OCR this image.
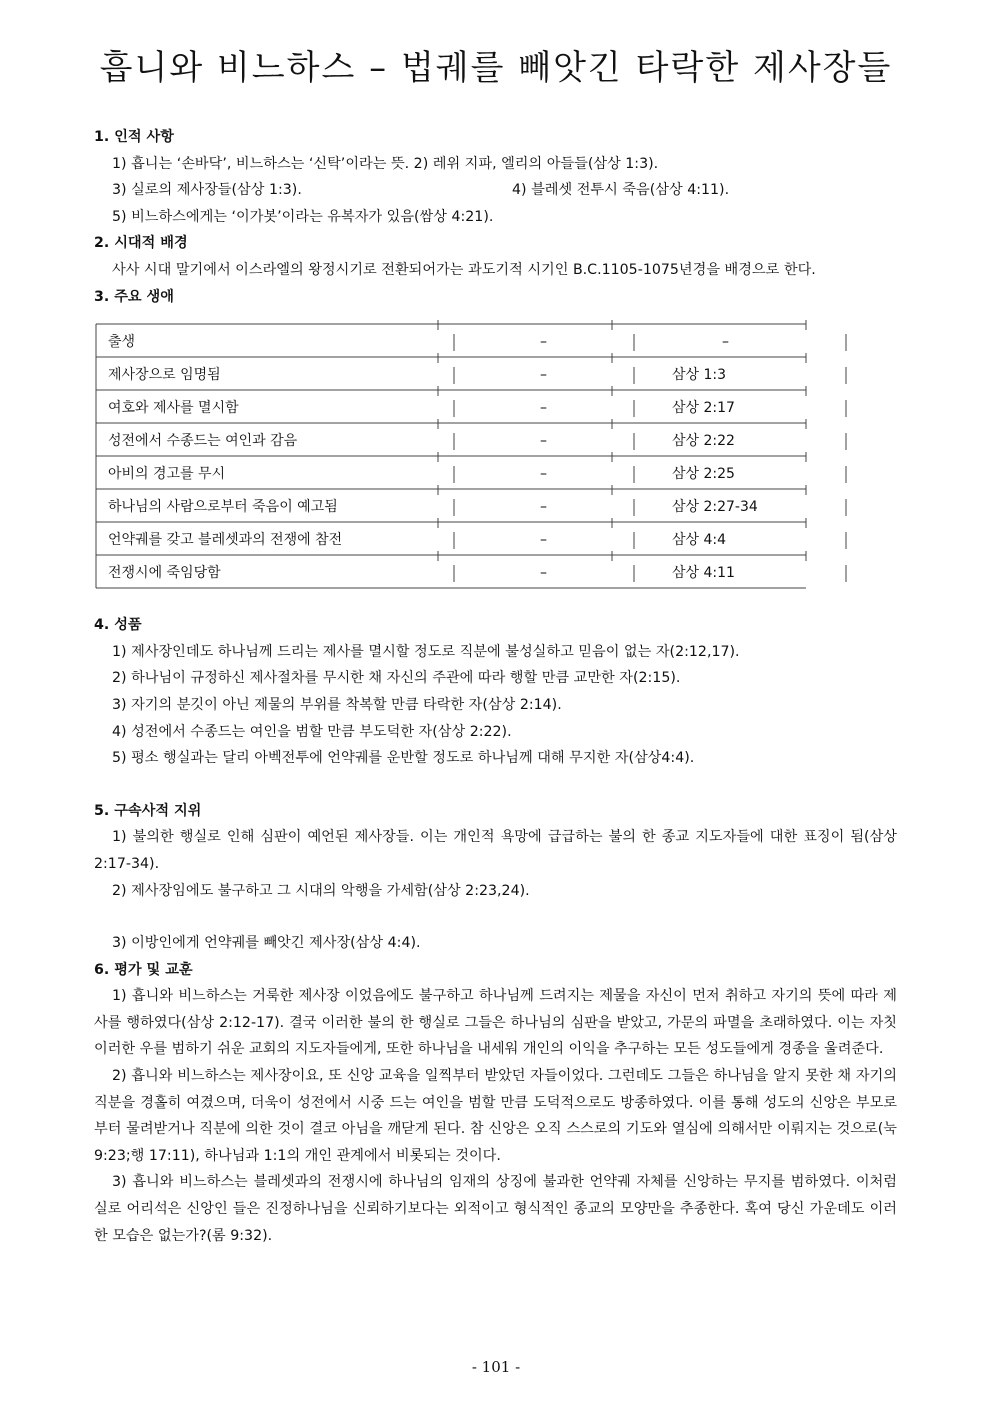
흡니와 비느하스 – 법궤를 빼앗긴 타락한 제사장들

1. 인적 사항

1) 흡니는 ‘손바닥’, 비느하스는 ‘신탁’이라는 뜻. 2) 레위 지파, 엘리의 아들들(삼상 1:3).

3) 실로의 제사장들(삼상 1:3).	4) 블레셋 전투시 죽음(삼상 4:11).

5) 비느하스에게는 ‘이가봇’이라는 유복자가 있음(쌈상 4:21).

2. 시대적 배경

사사 시대 말기에서 이스라엘의 왕정시기로 전환되어가는 과도기적 시기인 B.C.1105-1075년경을 배경으로 한다.

3. 주요 생애

출생	–	–
제사장으로 임명됨	–	삼상 1:3
여호와 제사를 멸시함	–	삼상 2:17
성전에서 수종드는 여인과 감음	–	삼상 2:22
아비의 경고를 무시	–	삼상 2:25
하나님의 사람으로부터 죽음이 예고됨	–	삼상 2:27-34
언약궤를 갖고 블레셋과의 전쟁에 참전	–	삼상 4:4
전쟁시에 죽임당함	–	삼상 4:11

4. 성품

1) 제사장인데도 하나님께 드리는 제사를 멸시할 정도로 직분에 불성실하고 믿음이 없는 자(2:12,17).

2) 하나님이 규정하신 제사절차를 무시한 채 자신의 주관에 따라 행할 만큼 교만한 자(2:15).

3) 자기의 분깃이 아닌 제물의 부위를 착복할 만큼 타락한 자(삼상 2:14).

4) 성전에서 수종드는 여인을 범할 만큼 부도덕한 자(삼상 2:22).

5) 평소 행실과는 달리 아벡전투에 언약궤를 운반할 정도로 하나님께 대해 무지한 자(삼상4:4).

5. 구속사적 지위

1) 불의한 행실로 인해 심판이 예언된 제사장들. 이는 개인적 욕망에 급급하는 불의 한 종교 지도자들에 대한 표징이 됨(삼상 2:17-34).

2) 제사장임에도 불구하고 그 시대의 악행을 가세함(삼상 2:23,24).

3) 이방인에게 언약궤를 빼앗긴 제사장(삼상 4:4).

6. 평가 및 교훈

1) 흡니와 비느하스는 거룩한 제사장 이었음에도 불구하고 하나님께 드려지는 제물을 자신이 먼저 취하고 자기의 뜻에 따라 제사를 행하였다(삼상 2:12-17). 결국 이러한 불의 한 행실로 그들은 하나님의 심판을 받았고, 가문의 파멸을 초래하였다. 이는 자칫 이러한 우를 범하기 쉬운 교회의 지도자들에게, 또한 하나님을 내세워 개인의 이익을 추구하는 모든 성도들에게 경종을 울려준다.

2) 흡니와 비느하스는 제사장이요, 또 신앙 교육을 일찍부터 받았던 자들이었다. 그런데도 그들은 하나님을 알지 못한 채 자기의 직분을 경홀히 여겼으며, 더욱이 성전에서 시중 드는 여인을 범할 만큼 도덕적으로도 방종하였다. 이를 통해 성도의 신앙은 부모로부터 물려받거나 직분에 의한 것이 결코 아님을 깨닫게 된다. 참 신앙은 오직 스스로의 기도와 열심에 의해서만 이뤄지는 것으로(눅 9:23;행 17:11), 하나님과 1:1의 개인 관계에서 비롯되는 것이다.

3) 흡니와 비느하스는 블레셋과의 전쟁시에 하나님의 임재의 상징에 불과한 언약궤 자체를 신앙하는 무지를 범하였다. 이처럼 실로 어리석은 신앙인 들은 진정하나님을 신뢰하기보다는 외적이고 형식적인 종교의 모양만을 추종한다. 혹여 당신 가운데도 이러한 모습은 없는가?(롬 9:32).

- 101 -
